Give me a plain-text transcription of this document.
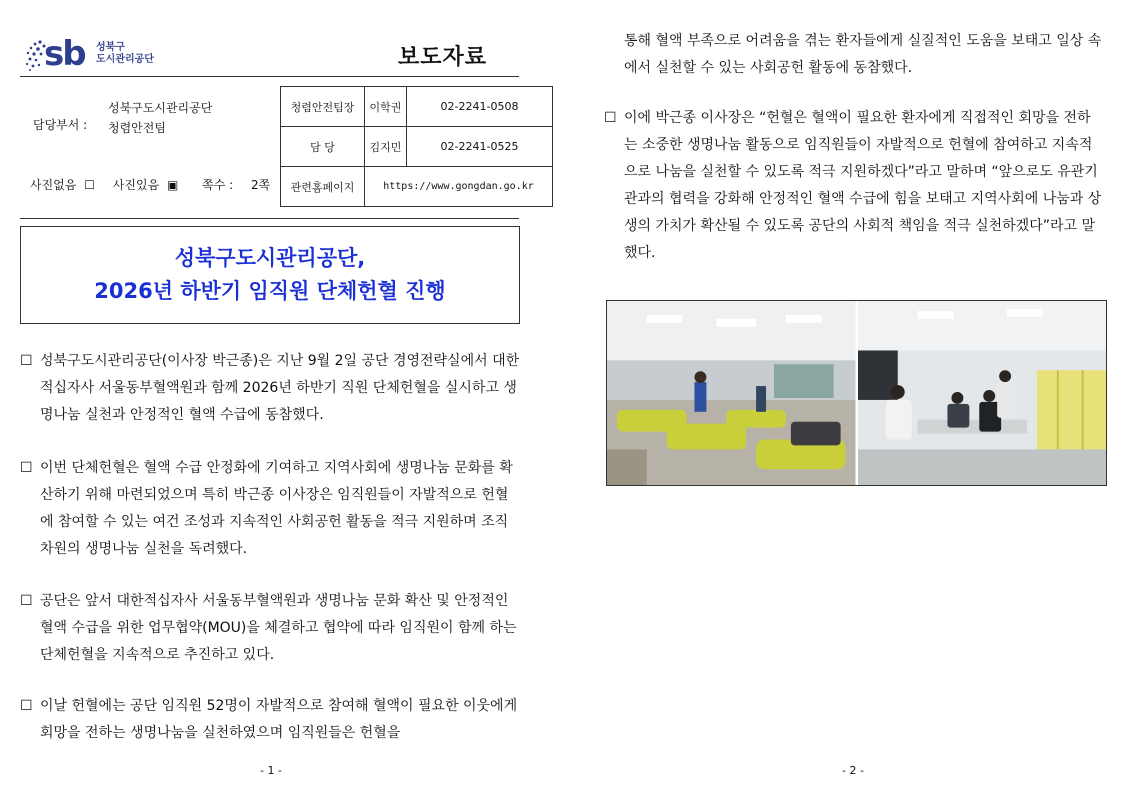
sb 성북구
도시관리공단	보도자료
담당부서 :
성북구도시관리공단
청렴안전팀
사진없음 ☐ 사진있음 ▣ 쪽수 : 2쪽
청렴안전팀장	이학권	02-2241-0508
담 당	김지민	02-2241-0525
관련홈페이지	https://www.gongdan.go.kr	
성북구도시관리공단,
2026년 하반기 임직원 단체헌혈 진행
☐ 성북구도시관리공단(이사장 박근종)은 지난 9월 2일 공단 경영전략실에서 대한적십자사 서울동부혈액원과 함께 2026년 하반기 직원 단체헌혈을 실시하고 생명나눔 실천과 안정적인 혈액 수급에 동참했다.
☐ 이번 단체헌혈은 혈액 수급 안정화에 기여하고 지역사회에 생명나눔 문화를 확산하기 위해 마련되었으며 특히 박근종 이사장은 임직원들이 자발적으로 헌혈에 참여할 수 있는 여건 조성과 지속적인 사회공헌 활동을 적극 지원하며 조직 차원의 생명나눔 실천을 독려했다.
☐ 공단은 앞서 대한적십자사 서울동부혈액원과 생명나눔 문화 확산 및 안정적인 혈액 수급을 위한 업무협약(MOU)을 체결하고 협약에 따라 임직원이 함께 하는 단체헌혈을 지속적으로 추진하고 있다.
☐ 이날 헌혈에는 공단 임직원 52명이 자발적으로 참여해 혈액이 필요한 이웃에게 회망을 전하는 생명나눔을 실천하였으며 임직원들은 헌혈을
- 1 -
통해 혈액 부족으로 어려움을 겪는 환자들에게 실질적인 도움을 보태고 일상 속에서 실천할 수 있는 사회공헌 활동에 동참했다.
☐ 이에 박근종 이사장은 “헌혈은 혈액이 필요한 환자에게 직접적인 회망을 전하는 소중한 생명나눔 활동으로 임직원들이 자발적으로 헌혈에 참여하고 지속적으로 나눔을 실천할 수 있도록 적극 지원하겠다”라고 말하며 “앞으로도 유관기관과의 협력을 강화해 안정적인 혈액 수급에 힘을 보태고 지역사회에 나눔과 상생의 가치가 확산될 수 있도록 공단의 사회적 책임을 적극 실천하겠다”라고 말했다.
- 2 -
